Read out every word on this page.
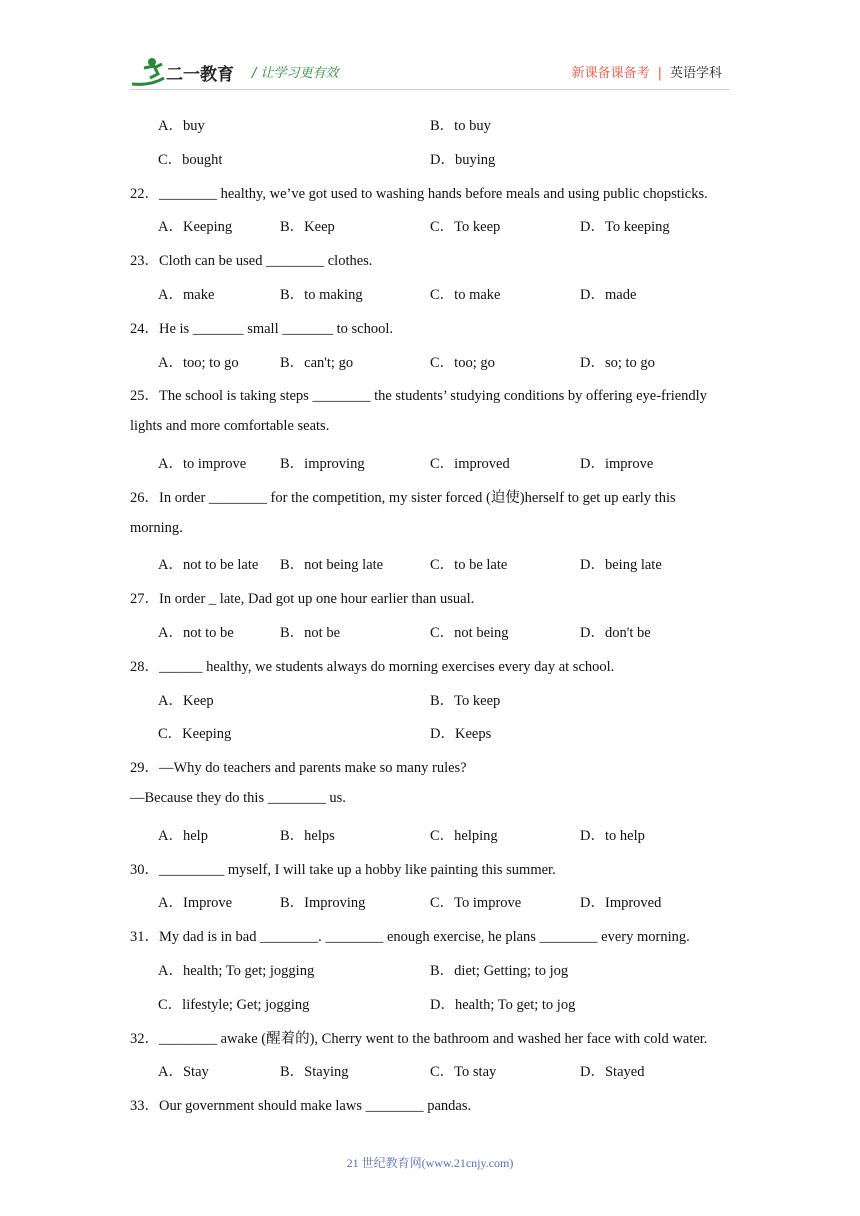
二一教育 / 让学习更有效	新课备课备考 | 英语学科
A．buy	B．to buy
C．bought	D．buying
22．________ healthy, we’ve got used to washing hands before meals and using public chopsticks.
A．Keeping	B．Keep	C．To keep	D．To keeping
23．Cloth can be used ________ clothes.
A．make	B．to making	C．to make	D．made
24．He is _______ small _______ to school.
A．too; to go	B．can't; go	C．too; go	D．so; to go
25．The school is taking steps ________ the students’ studying conditions by offering eye-friendly
lights and more comfortable seats.
A．to improve B．improving	C．improved	D．improve
26．In order ________ for the competition, my sister forced (迫使)herself to get up early this
morning.
A．not to be late B．not being late	C．to be late	D．being late
27．In order _ late, Dad got up one hour earlier than usual.
A．not to be	B．not be	C．not being	D．don't be
28．______ healthy, we students always do morning exercises every day at school.
A．Keep	B．To keep
C．Keeping	D．Keeps
29．—Why do teachers and parents make so many rules?
—Because they do this ________ us.
A．help	B．helps	C．helping	D．to help
30．_________ myself, I will take up a hobby like painting this summer.
A．Improve	B．Improving	C．To improve	D．Improved
31．My dad is in bad ________. ________ enough exercise, he plans ________ every morning.
A．health; To get; jogging	B．diet; Getting; to jog
C．lifestyle; Get; jogging	D．health; To get; to jog
32．________ awake (醒着的), Cherry went to the bathroom and washed her face with cold water.
A．Stay	B．Staying	C．To stay	D．Stayed
33．Our government should make laws ________ pandas.
21 世纪教育网(www.21cnjy.com)
